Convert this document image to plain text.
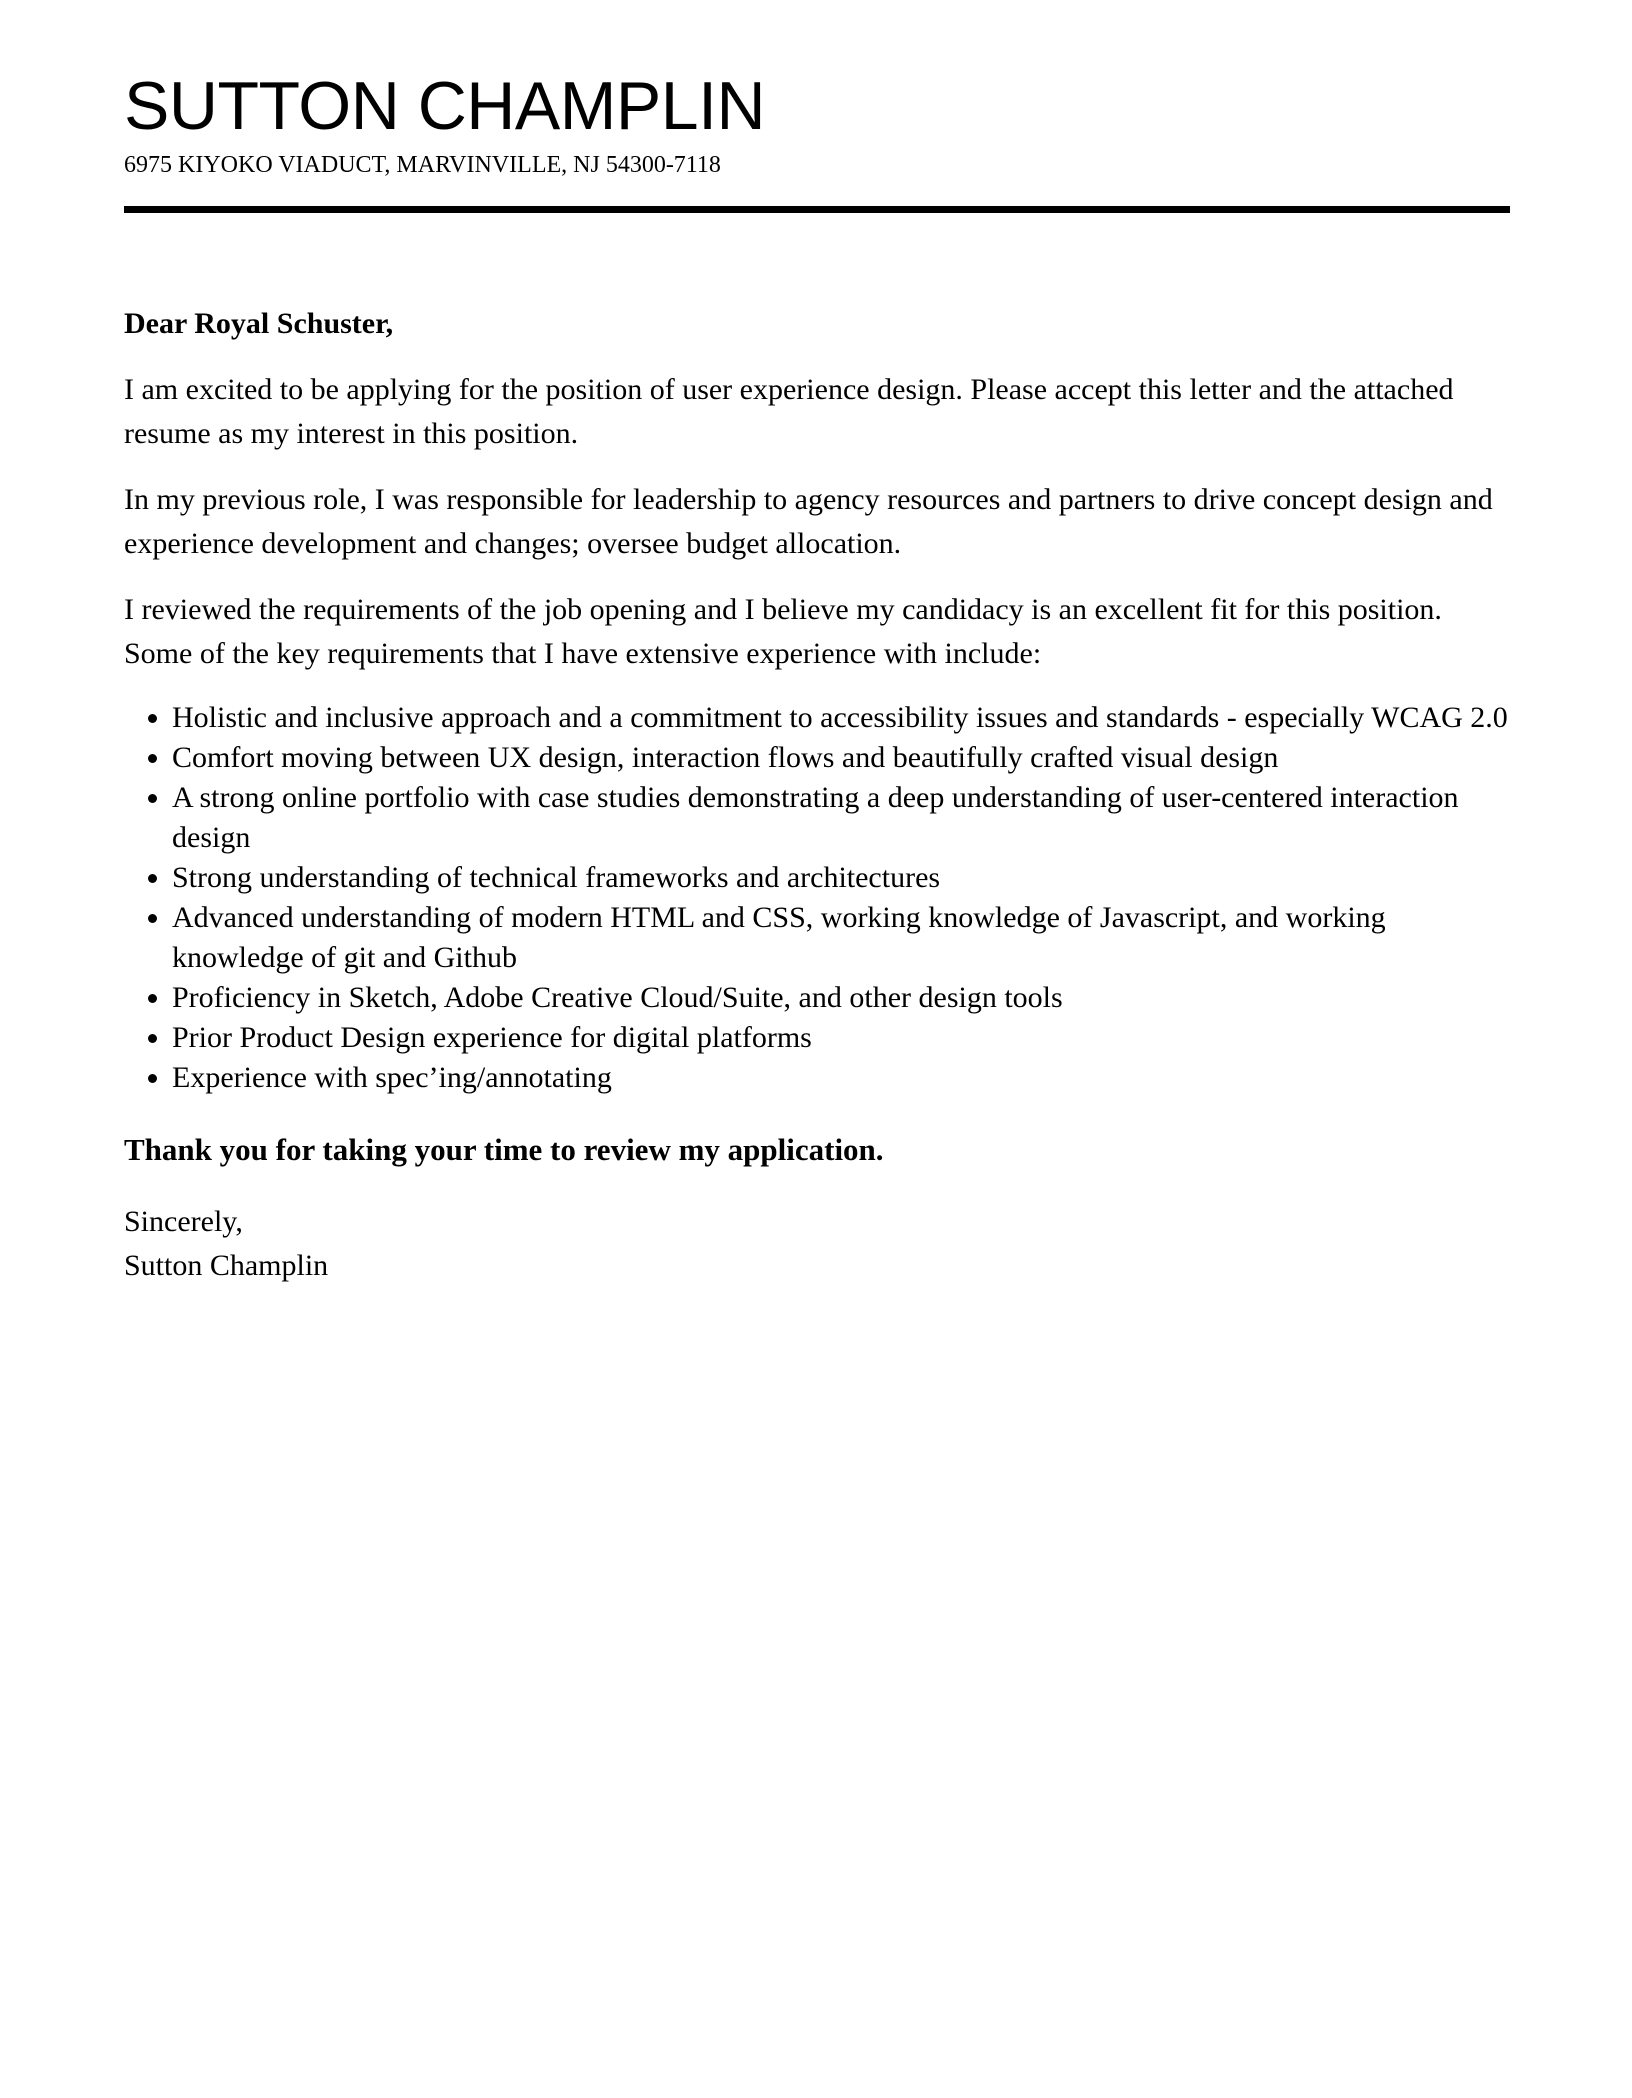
SUTTON CHAMPLIN

6975 KIYOKO VIADUCT, MARVINVILLE, NJ 54300-7118

Dear Royal Schuster,

I am excited to be applying for the position of user experience design. Please accept this letter and the attached resume as my interest in this position.

In my previous role, I was responsible for leadership to agency resources and partners to drive concept design and experience development and changes; oversee budget allocation.

I reviewed the requirements of the job opening and I believe my candidacy is an excellent fit for this position. Some of the key requirements that I have extensive experience with include:

• Holistic and inclusive approach and a commitment to accessibility issues and standards - especially WCAG 2.0
• Comfort moving between UX design, interaction flows and beautifully crafted visual design
• A strong online portfolio with case studies demonstrating a deep understanding of user-centered interaction design
• Strong understanding of technical frameworks and architectures
• Advanced understanding of modern HTML and CSS, working knowledge of Javascript, and working knowledge of git and Github
• Proficiency in Sketch, Adobe Creative Cloud/Suite, and other design tools
• Prior Product Design experience for digital platforms
• Experience with spec’ing/annotating

Thank you for taking your time to review my application.

Sincerely,

Sutton Champlin
